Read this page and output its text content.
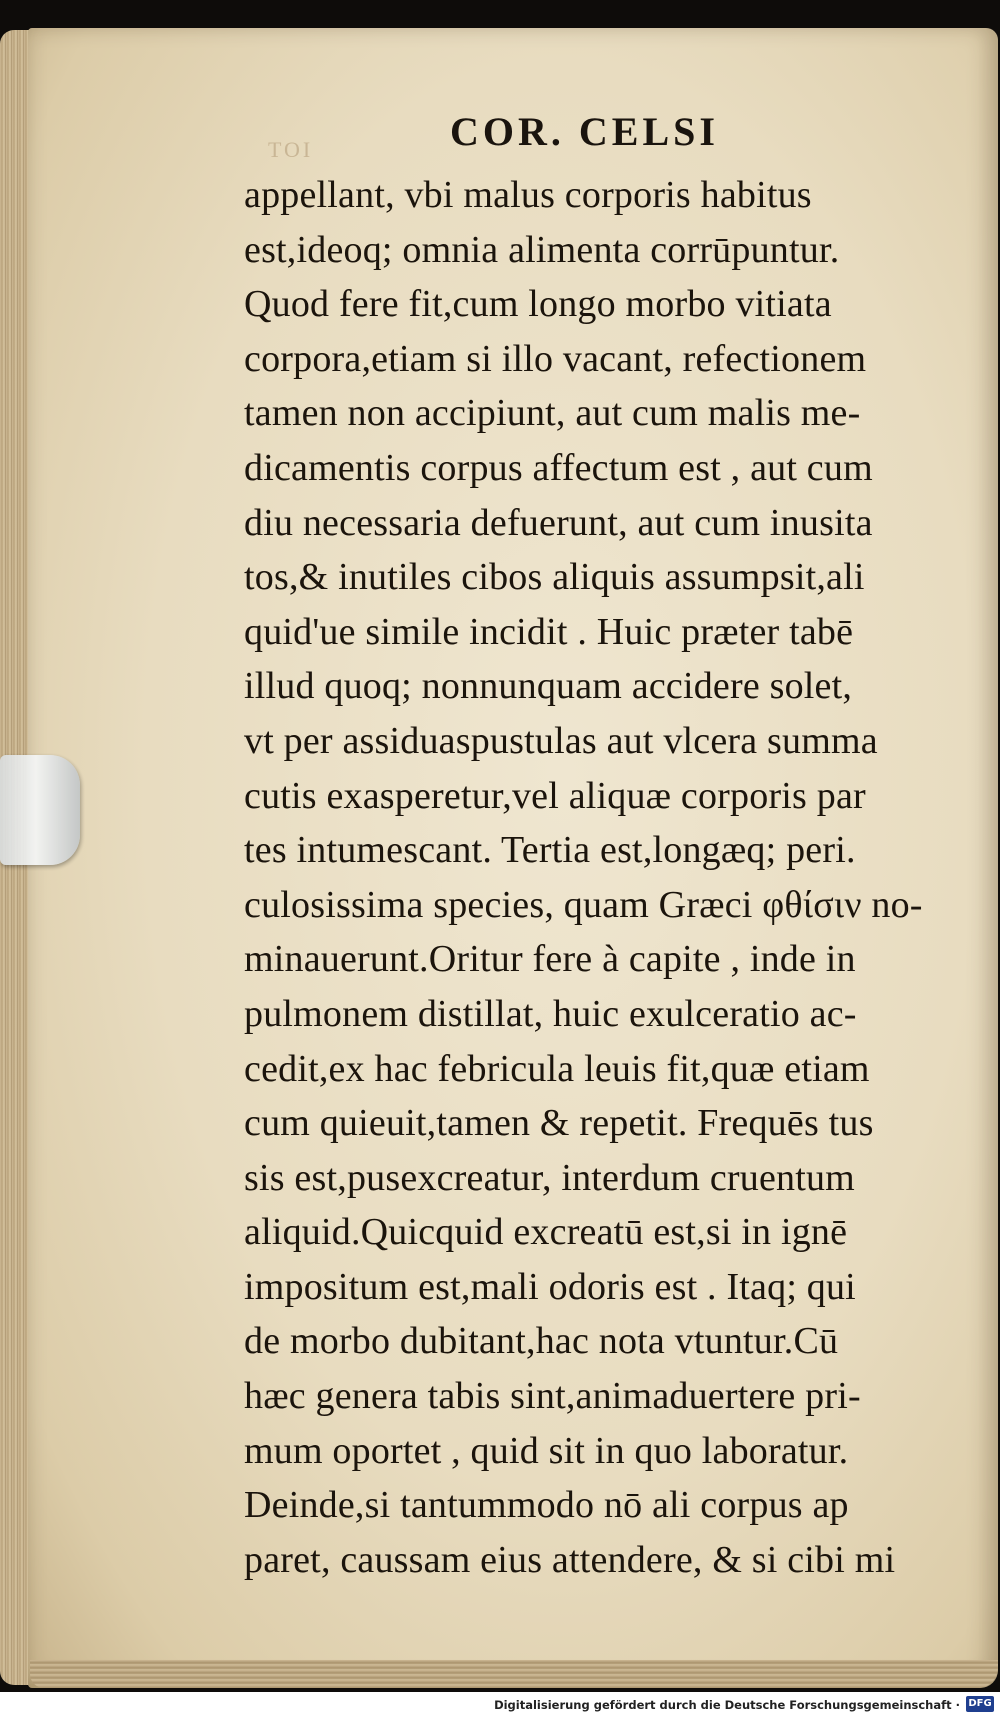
TOI	COR. CELSI
appellant, vbi malus corporis habitus
est,ideoq; omnia alimenta corrūpuntur.
Quod fere fit,cum longo morbo vitiata
corpora,etiam si illo vacant, refectionem
tamen non accipiunt, aut cum malis me-
dicamentis corpus affectum est , aut cum
diu necessaria defuerunt, aut cum inusita
tos,& inutiles cibos aliquis assumpsit,ali
quid'ue simile incidit . Huic præter tabē
illud quoq; nonnunquam accidere solet,
vt per assiduaspustulas aut vlcera summa
cutis exasperetur,vel aliquæ corporis par
tes intumescant. Tertia est,longæq; peri.
culosissima species, quam Græci φθίσιν no-
minauerunt.Oritur fere à capite , inde in
pulmonem distillat, huic exulceratio ac-
cedit,ex hac febricula leuis fit,quæ etiam
cum quieuit,tamen & repetit. Frequēs tus
sis est,pusexcreatur, interdum cruentum
aliquid.Quicquid excreatū est,si in ignē
impositum est,mali odoris est . Itaq; qui
de morbo dubitant,hac nota vtuntur.Cū
hæc genera tabis sint,animaduertere pri-
mum oportet , quid sit in quo laboratur.
Deinde,si tantummodo nō ali corpus ap
paret, caussam eius attendere, & si cibi mi
Digitalisierung gefördert durch die Deutsche Forschungsgemeinschaft · DFG
